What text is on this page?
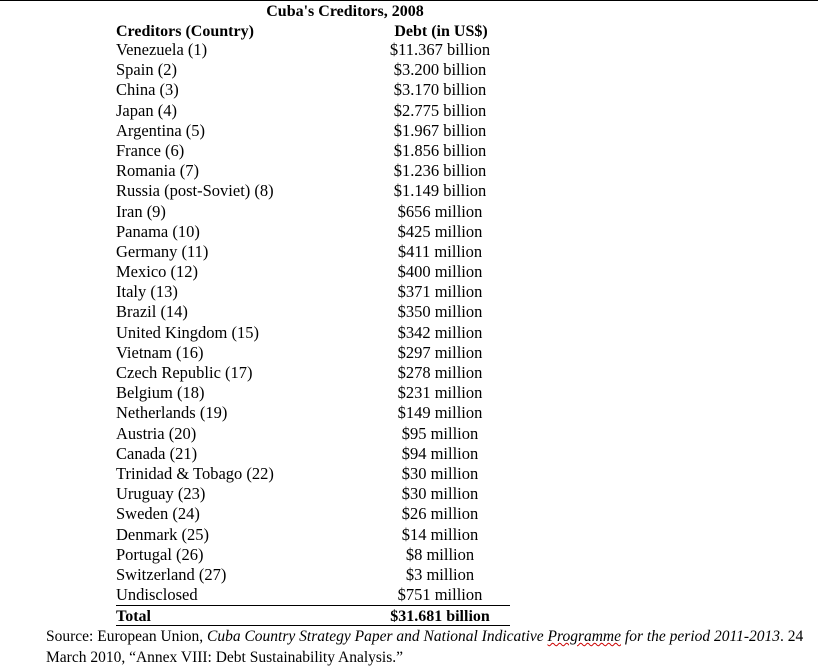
Cuba's Creditors, 2008
Creditors (Country)	Debt (in US$)
Venezuela (1)	$11.367 billion
Spain (2)	$3.200 billion
China (3)	$3.170 billion
Japan (4)	$2.775 billion
Argentina (5)	$1.967 billion
France (6)	$1.856 billion
Romania (7)	$1.236 billion
Russia (post-Soviet) (8)	$1.149 billion
Iran (9)	$656 million
Panama (10)	$425 million
Germany (11)	$411 million
Mexico (12)	$400 million
Italy (13)	$371 million
Brazil (14)	$350 million
United Kingdom (15)	$342 million
Vietnam (16)	$297 million
Czech Republic (17)	$278 million
Belgium (18)	$231 million
Netherlands (19)	$149 million
Austria (20)	$95 million
Canada (21)	$94 million
Trinidad & Tobago (22)	$30 million
Uruguay (23)	$30 million
Sweden (24)	$26 million
Denmark (25)	$14 million
Portugal (26)	$8 million
Switzerland (27)	$3 million
Undisclosed	$751 million
Total	$31.681 billion
Source: European Union, Cuba Country Strategy Paper and National Indicative Programme for the period 2011-2013. 24 March 2010, “Annex VIII: Debt Sustainability Analysis.”
